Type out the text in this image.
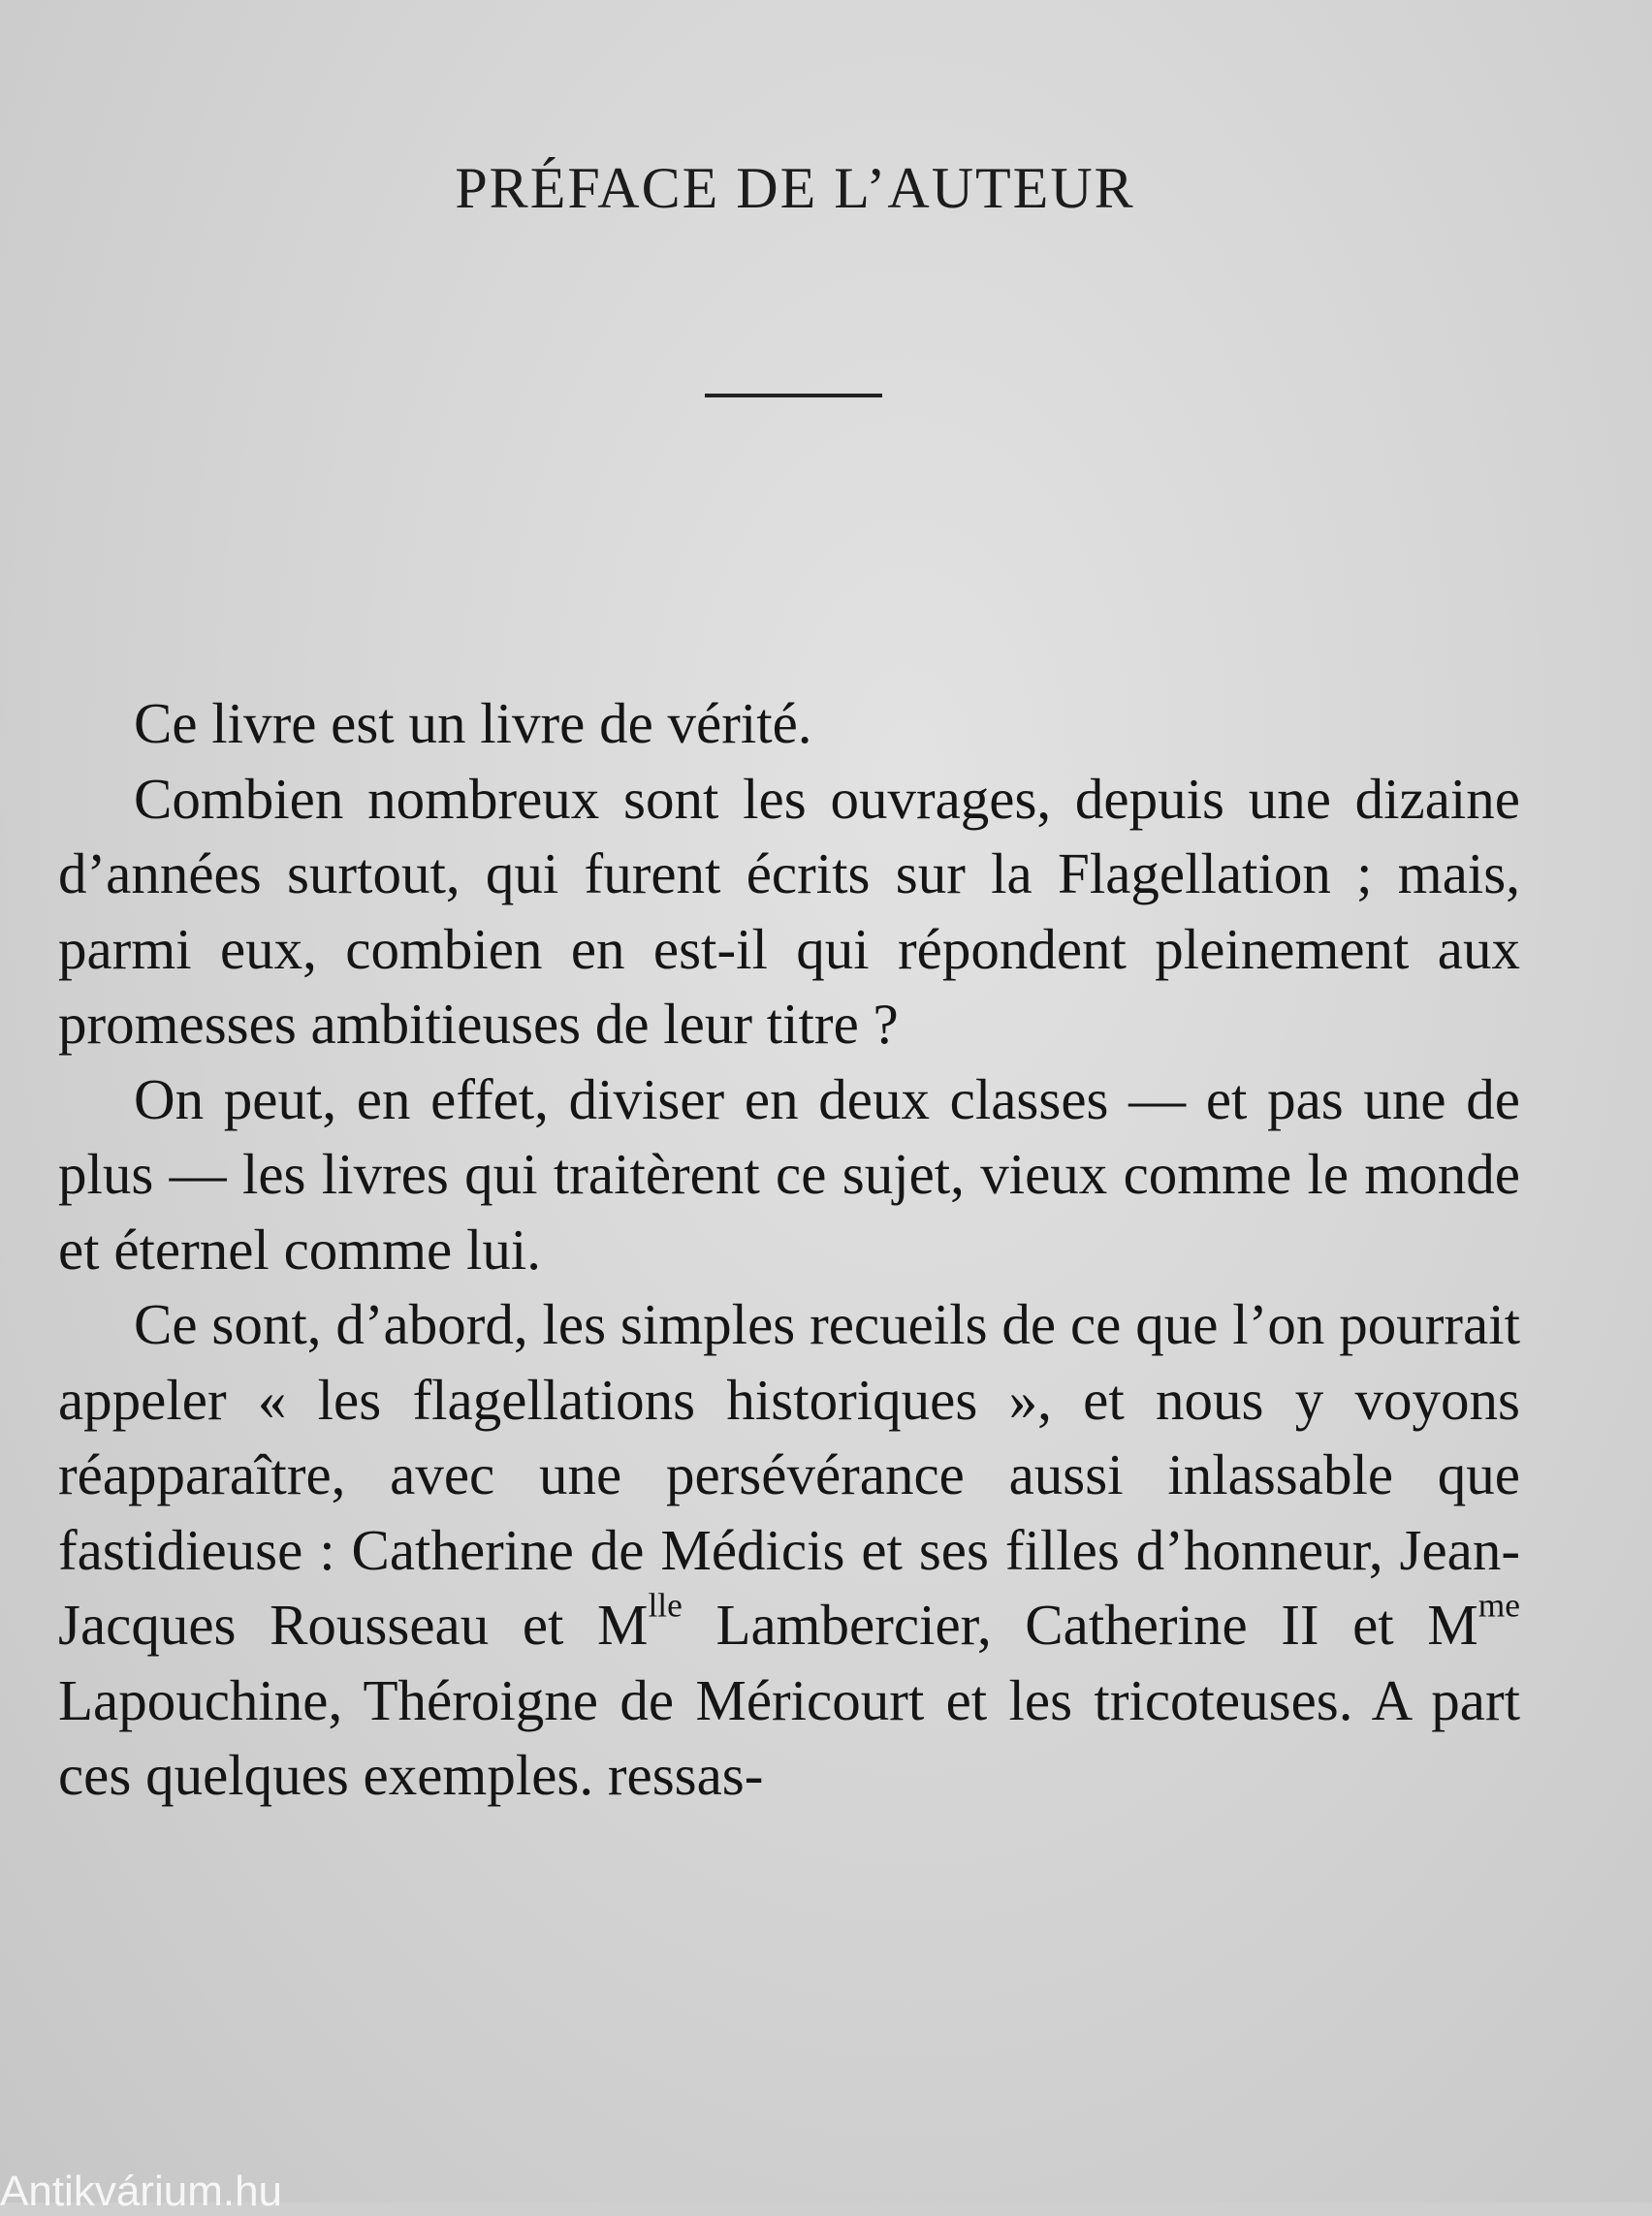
PRÉFACE DE L’AUTEUR

Ce livre est un livre de vérité.

Combien nombreux sont les ouvrages, depuis une dizaine d’années surtout, qui furent écrits sur la Flagellation ; mais, parmi eux, combien en est-il qui répondent pleinement aux promesses ambitieuses de leur titre ?

On peut, en effet, diviser en deux classes — et pas une de plus — les livres qui traitèrent ce sujet, vieux comme le monde et éternel comme lui.

Ce sont, d’abord, les simples recueils de ce que l’on pourrait appeler « les flagellations historiques », et nous y voyons réapparaître, avec une persévérance aussi inlassable que fastidieuse : Catherine de Médicis et ses filles d’honneur, Jean-Jacques Rousseau et $M^{lle}$ Lambercier, Catherine II et $M^{me}$ Lapouchine, Théroigne de Méricourt et les tricoteuses. A part ces quelques exemples. ressas-

Antikvárium.hu
